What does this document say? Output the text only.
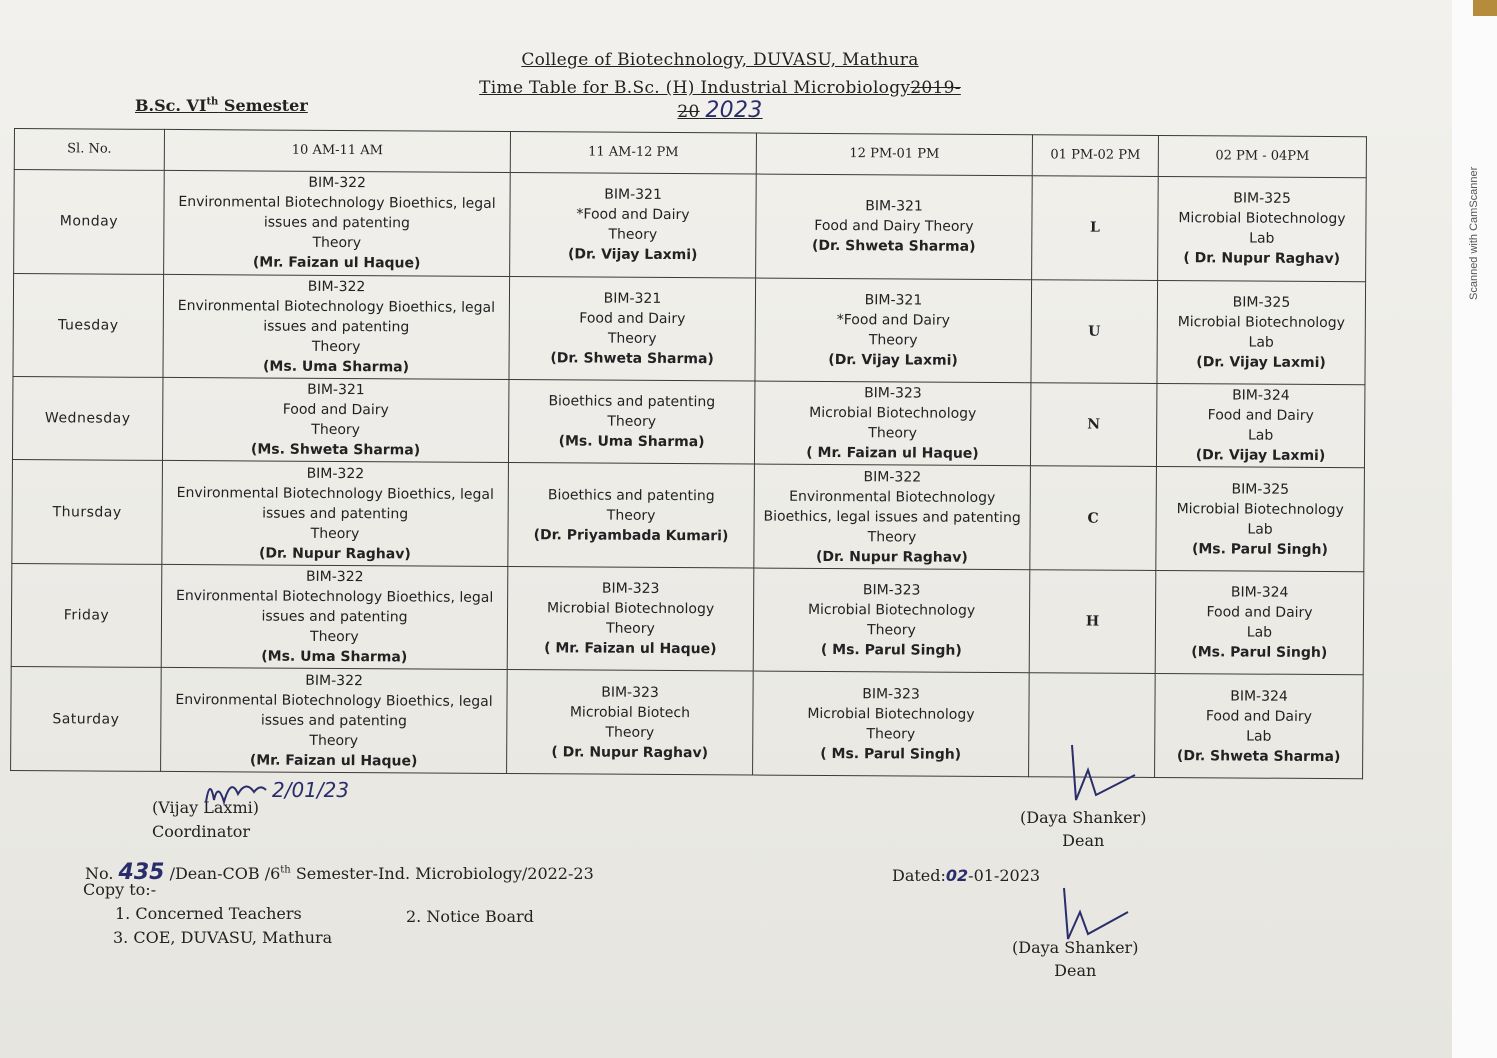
Scanned with CamScanner
College of Biotechnology, DUVASU, Mathura
Time Table for B.Sc. (H) Industrial Microbiology2019-20 2023
B.Sc. VIth Semester
Sl. No.	10 AM-11 AM	11 AM-12 PM	12 PM-01 PM	01 PM-02 PM	02 PM - 04PM
Monday	BIM-322
Environmental Biotechnology Bioethics, legal issues and patenting
Theory
(Mr. Faizan ul Haque)	BIM-321
*Food and Dairy
Theory
(Dr. Vijay Laxmi)	BIM-321
Food and Dairy Theory
(Dr. Shweta Sharma)	L	BIM-325
Microbial Biotechnology
Lab
( Dr. Nupur Raghav)

Tuesday	BIM-322
Environmental Biotechnology Bioethics, legal issues and patenting
Theory
(Ms. Uma Sharma)	BIM-321
Food and Dairy
Theory
(Dr. Shweta Sharma)	BIM-321
*Food and Dairy
Theory
(Dr. Vijay Laxmi)	U	BIM-325
Microbial Biotechnology
Lab
(Dr. Vijay Laxmi)

Wednesday	BIM-321
Food and Dairy
Theory
(Ms. Shweta Sharma)	Bioethics and patenting
Theory
(Ms. Uma Sharma)	BIM-323
Microbial Biotechnology
Theory
( Mr. Faizan ul Haque)	N	BIM-324
Food and Dairy
Lab
(Dr. Vijay Laxmi)

Thursday	BIM-322
Environmental Biotechnology Bioethics, legal issues and patenting
Theory
(Dr. Nupur Raghav)	Bioethics and patenting
Theory
(Dr. Priyambada Kumari)	BIM-322
Environmental Biotechnology Bioethics, legal issues and patenting
Theory
(Dr. Nupur Raghav)	C	BIM-325
Microbial Biotechnology
Lab
(Ms. Parul Singh)

Friday	BIM-322
Environmental Biotechnology Bioethics, legal issues and patenting
Theory
(Ms. Uma Sharma)	BIM-323
Microbial Biotechnology
Theory
( Mr. Faizan ul Haque)	BIM-323
Microbial Biotechnology
Theory
( Ms. Parul Singh)	H	BIM-324
Food and Dairy
Lab
(Ms. Parul Singh)

Saturday	BIM-322
Environmental Biotechnology Bioethics, legal issues and patenting
Theory
(Mr. Faizan ul Haque)	BIM-323
Microbial Biotech
Theory
( Dr. Nupur Raghav)	BIM-323
Microbial Biotechnology
Theory
( Ms. Parul Singh)		BIM-324
Food and Dairy
Lab
(Dr. Shweta Sharma)
(Vijay Laxmi)
Coordinator
2/01/23
(Daya Shanker)
Dean
No. 435 /Dean-COB /6th Semester-Ind. Microbiology/2022-23	Dated:02-01-2023
Copy to:-
1. Concerned Teachers	2. Notice Board
3. COE, DUVASU, Mathura
(Daya Shanker)
Dean
